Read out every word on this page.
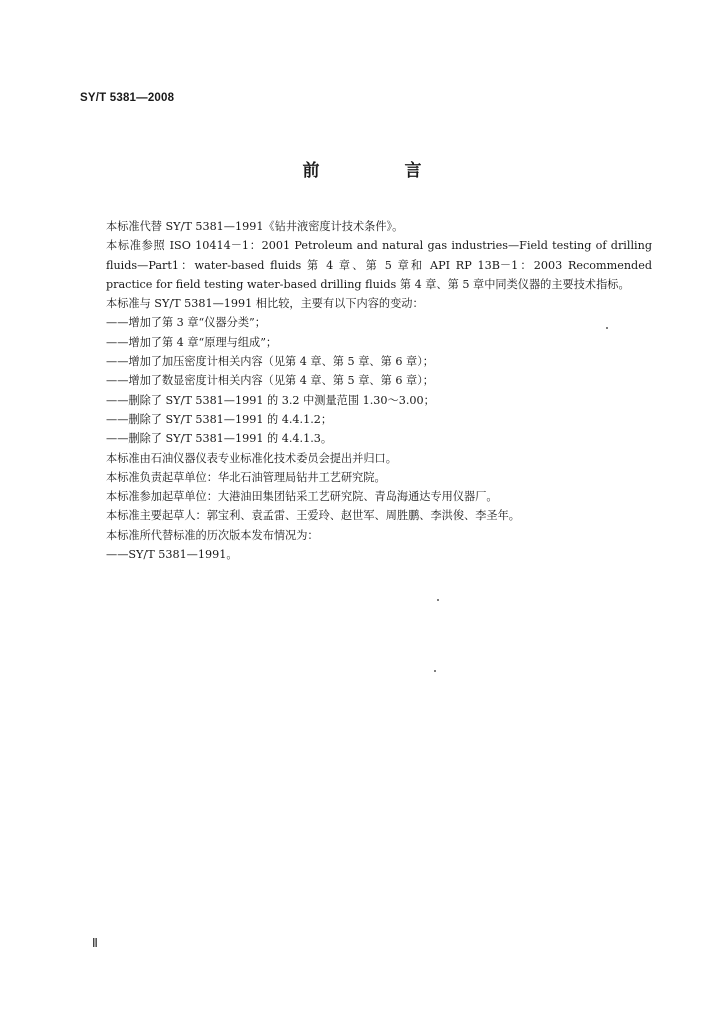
SY/T 5381—2008
前　言

本标准代替 SY/T 5381—1991《钻井液密度计技术条件》。

本标准参照 ISO 10414－1：2001 Petroleum and natural gas industries—Field testing of drilling fluids—Part1：water-based fluids 第 4 章、第 5 章和 API RP 13B－1：2003 Recommended practice for field testing water-based drilling fluids 第 4 章、第 5 章中同类仪器的主要技术指标。

本标准与 SY/T 5381—1991 相比较，主要有以下内容的变动：

——增加了第 3 章“仪器分类”；

——增加了第 4 章“原理与组成”；

——增加了加压密度计相关内容（见第 4 章、第 5 章、第 6 章）；

——增加了数显密度计相关内容（见第 4 章、第 5 章、第 6 章）；

——删除了 SY/T 5381—1991 的 3.2 中测量范围 1.30～3.00；

——删除了 SY/T 5381—1991 的 4.4.1.2；

——删除了 SY/T 5381—1991 的 4.4.1.3。

本标准由石油仪器仪表专业标准化技术委员会提出并归口。

本标准负责起草单位：华北石油管理局钻井工艺研究院。

本标准参加起草单位：大港油田集团钻采工艺研究院、青岛海通达专用仪器厂。

本标准主要起草人：郭宝利、袁孟雷、王爱玲、赵世军、周胜鹏、李洪俊、李圣年。

本标准所代替标准的历次版本发布情况为：

——SY/T 5381—1991。

Ⅱ
